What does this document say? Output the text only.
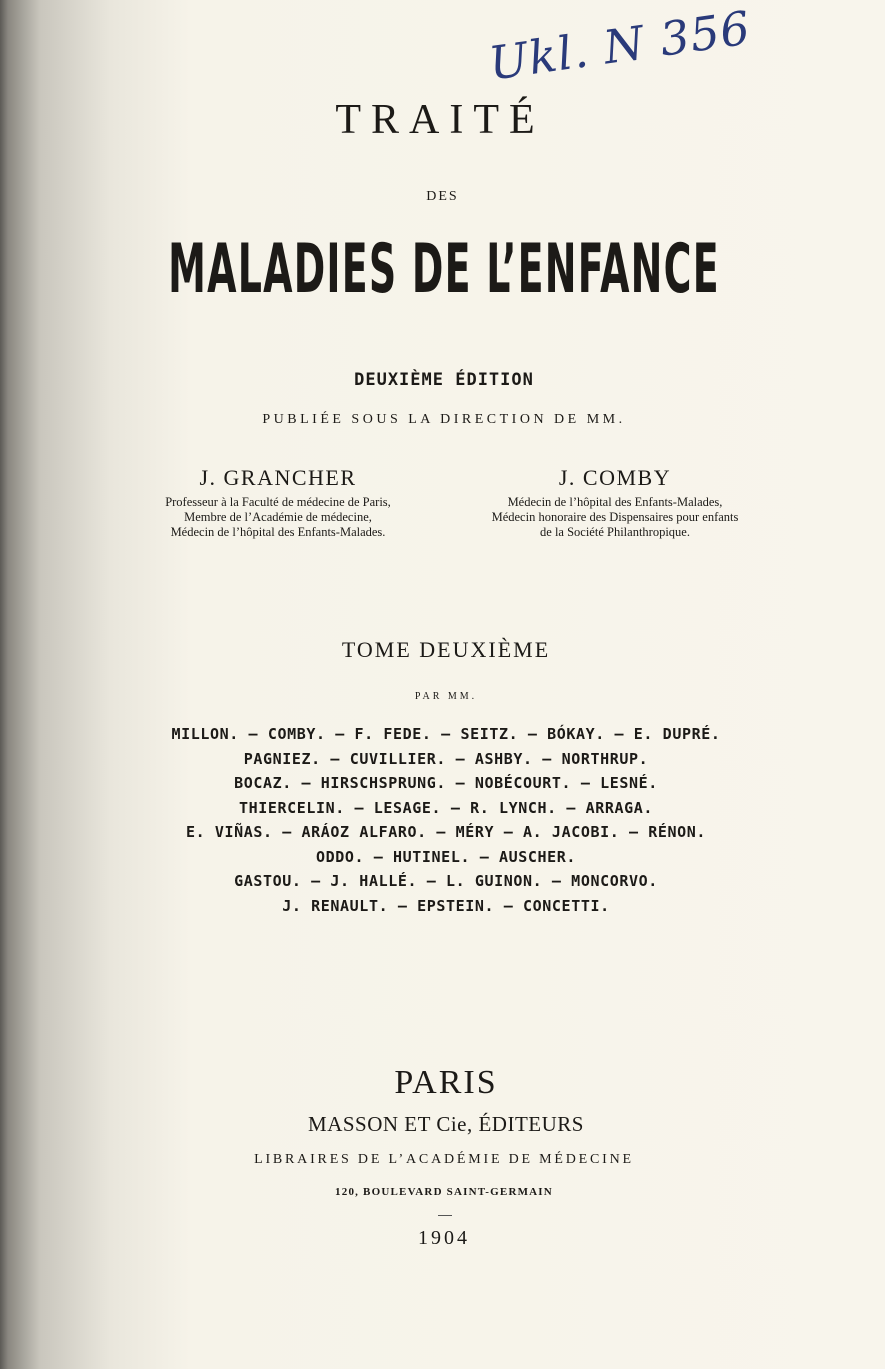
Ukl. N 356
TRAITÉ
DES
MALADIES DE L’ENFANCE
DEUXIÈME ÉDITION
PUBLIÉE SOUS LA DIRECTION DE MM.
J. GRANCHER
Professeur à la Faculté de médecine de Paris,
Membre de l’Académie de médecine,
Médecin de l’hôpital des Enfants-Malades.
J. COMBY
Médecin de l’hôpital des Enfants-Malades,
Médecin honoraire des Dispensaires pour enfants
de la Société Philanthropique.
TOME DEUXIÈME
PAR MM.
MILLON. — COMBY. — F. FEDE. — SEITZ. — BÓKAY. — E. DUPRÉ.
PAGNIEZ. — CUVILLIER. — ASHBY. — NORTHRUP.
BOCAZ. — HIRSCHSPRUNG. — NOBÉCOURT. — LESNÉ.
THIERCELIN. — LESAGE. — R. LYNCH. — ARRAGA.
E. VIÑAS. — ARÁOZ ALFARO. — MÉRY — A. JACOBI. — RÉNON.
ODDO. — HUTINEL. — AUSCHER.
GASTOU. — J. HALLÉ. — L. GUINON. — MONCORVO.
J. RENAULT. — EPSTEIN. — CONCETTI.
PARIS
MASSON ET Cie, ÉDITEURS
LIBRAIRES DE L’ACADÉMIE DE MÉDECINE
120, BOULEVARD SAINT-GERMAIN
1904
